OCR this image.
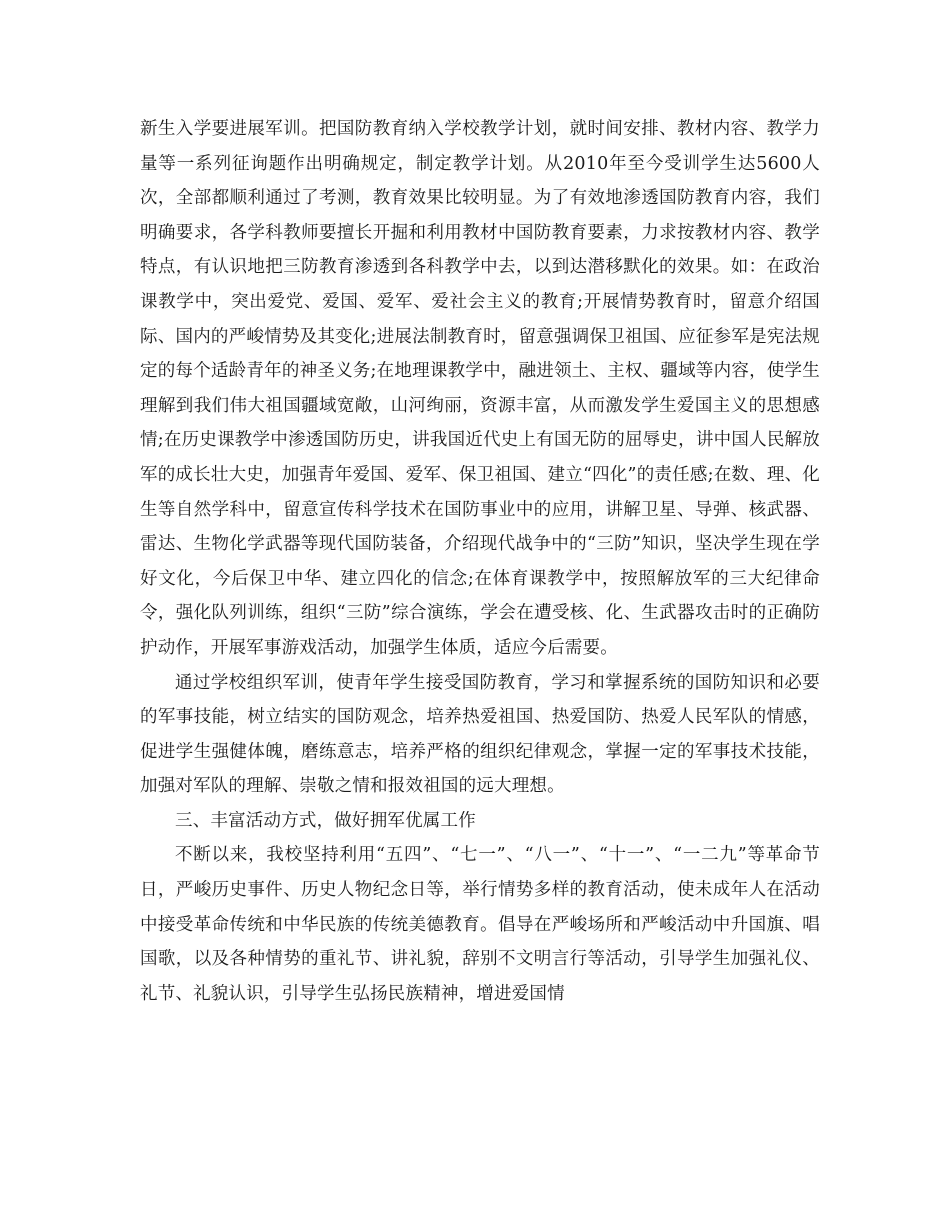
新生入学要进展军训。把国防教育纳入学校教学计划，就时间安排、教材内容、教学力量等一系列征询题作出明确规定，制定教学计划。从2010年至今受训学生达5600人次，全部都顺利通过了考测，教育效果比较明显。为了有效地渗透国防教育内容，我们明确要求，各学科教师要擅长开掘和利用教材中国防教育要素，力求按教材内容、教学特点，有认识地把三防教育渗透到各科教学中去，以到达潜移默化的效果。如：在政治课教学中，突出爱党、爱国、爱军、爱社会主义的教育;开展情势教育时，留意介绍国际、国内的严峻情势及其变化;进展法制教育时，留意强调保卫祖国、应征参军是宪法规定的每个适龄青年的神圣义务;在地理课教学中，融进领土、主权、疆域等内容，使学生理解到我们伟大祖国疆域宽敞，山河绚丽，资源丰富，从而激发学生爱国主义的思想感情;在历史课教学中渗透国防历史，讲我国近代史上有国无防的屈辱史，讲中国人民解放军的成长壮大史，加强青年爱国、爱军、保卫祖国、建立“四化”的责任感;在数、理、化生等自然学科中，留意宣传科学技术在国防事业中的应用，讲解卫星、导弹、核武器、雷达、生物化学武器等现代国防装备，介绍现代战争中的“三防”知识，坚决学生现在学好文化，今后保卫中华、建立四化的信念;在体育课教学中，按照解放军的三大纪律命令，强化队列训练，组织“三防”综合演练，学会在遭受核、化、生武器攻击时的正确防护动作，开展军事游戏活动，加强学生体质，适应今后需要。

通过学校组织军训，使青年学生接受国防教育，学习和掌握系统的国防知识和必要的军事技能，树立结实的国防观念，培养热爱祖国、热爱国防、热爱人民军队的情感，促进学生强健体魄，磨练意志，培养严格的组织纪律观念，掌握一定的军事技术技能，加强对军队的理解、崇敬之情和报效祖国的远大理想。

三、丰富活动方式，做好拥军优属工作

不断以来，我校坚持利用“五四”、“七一”、“八一”、“十一”、“一二九”等革命节日，严峻历史事件、历史人物纪念日等，举行情势多样的教育活动，使未成年人在活动中接受革命传统和中华民族的传统美德教育。倡导在严峻场所和严峻活动中升国旗、唱国歌，以及各种情势的重礼节、讲礼貌，辞别不文明言行等活动，引导学生加强礼仪、礼节、礼貌认识，引导学生弘扬民族精神，增进爱国情
